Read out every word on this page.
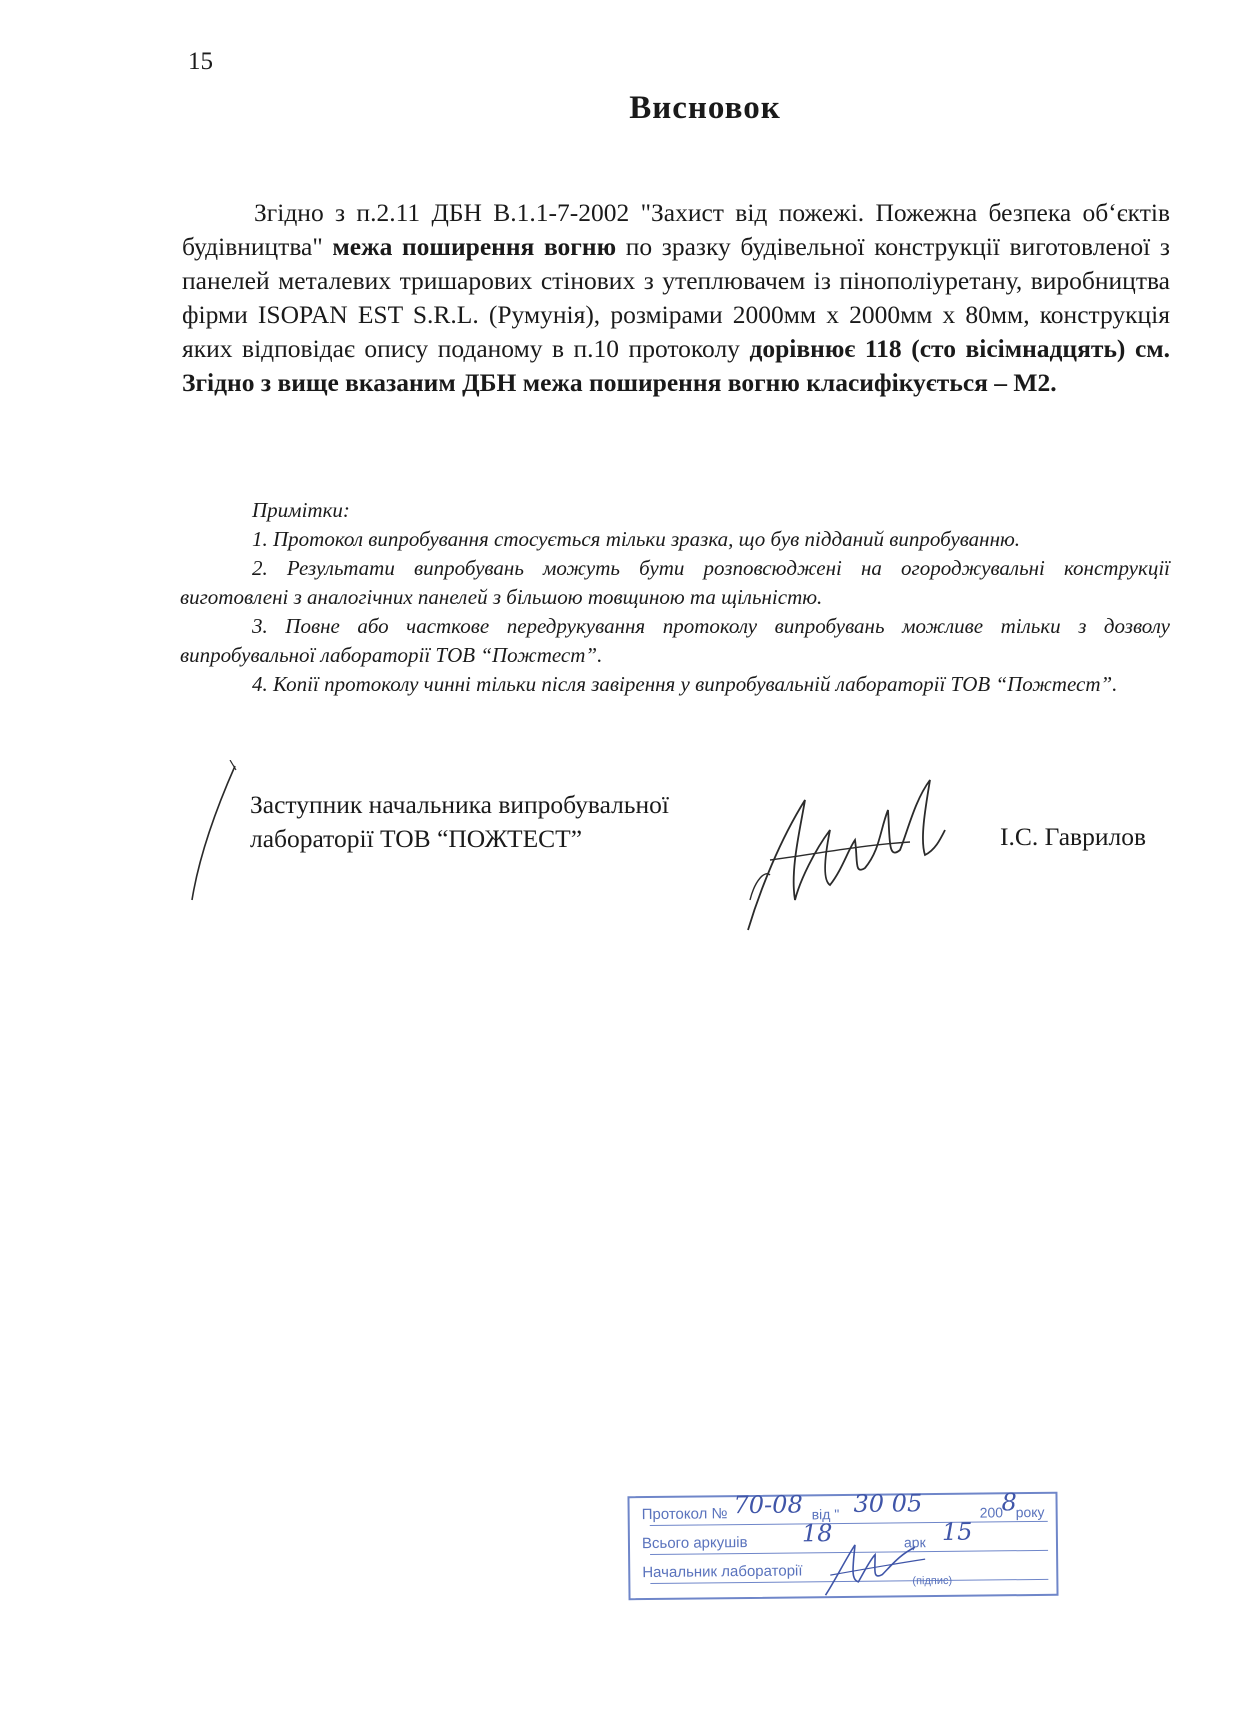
15
Висновок

Згідно з п.2.11 ДБН В.1.1-7-2002 "Захист від пожежі. Пожежна безпека об‘єктів будівництва" межа поширення вогню по зразку будівельної конструкції виготовленої з панелей металевих тришарових стінових з утеплювачем із пінополіуретану, виробництва фірми ISOPAN EST S.R.L. (Румунія), розмірами 2000мм х 2000мм х 80мм, конструкція яких відповідає опису поданому в п.10 протоколу дорівнює 118 (сто вісімнадцять) см. Згідно з вище вказаним ДБН межа поширення вогню класифікується – М2.

Примітки:

1. Протокол випробування стосується тільки зразка, що був підданий випробуванню.

2. Результати випробувань можуть бути розповсюджені на огороджувальні конструкції виготовлені з аналогічних панелей з більшою товщиною та щільністю.

3. Повне або часткове передрукування протоколу випробувань можливе тільки з дозволу випробувальної лабораторії ТОВ “Пожтест”.

4. Копії протоколу чинні тільки після завірення у випробувальній лабораторії ТОВ “Пожтест”.

Заступник начальника випробувальної
лабораторії ТОВ “ПОЖТЕСТ”	І.С. Гаврилов
Протокол № 70-08 від " 30 05	200
8
року
Всього аркушів 18	арк 15
Начальник лабораторії	(підпис)
